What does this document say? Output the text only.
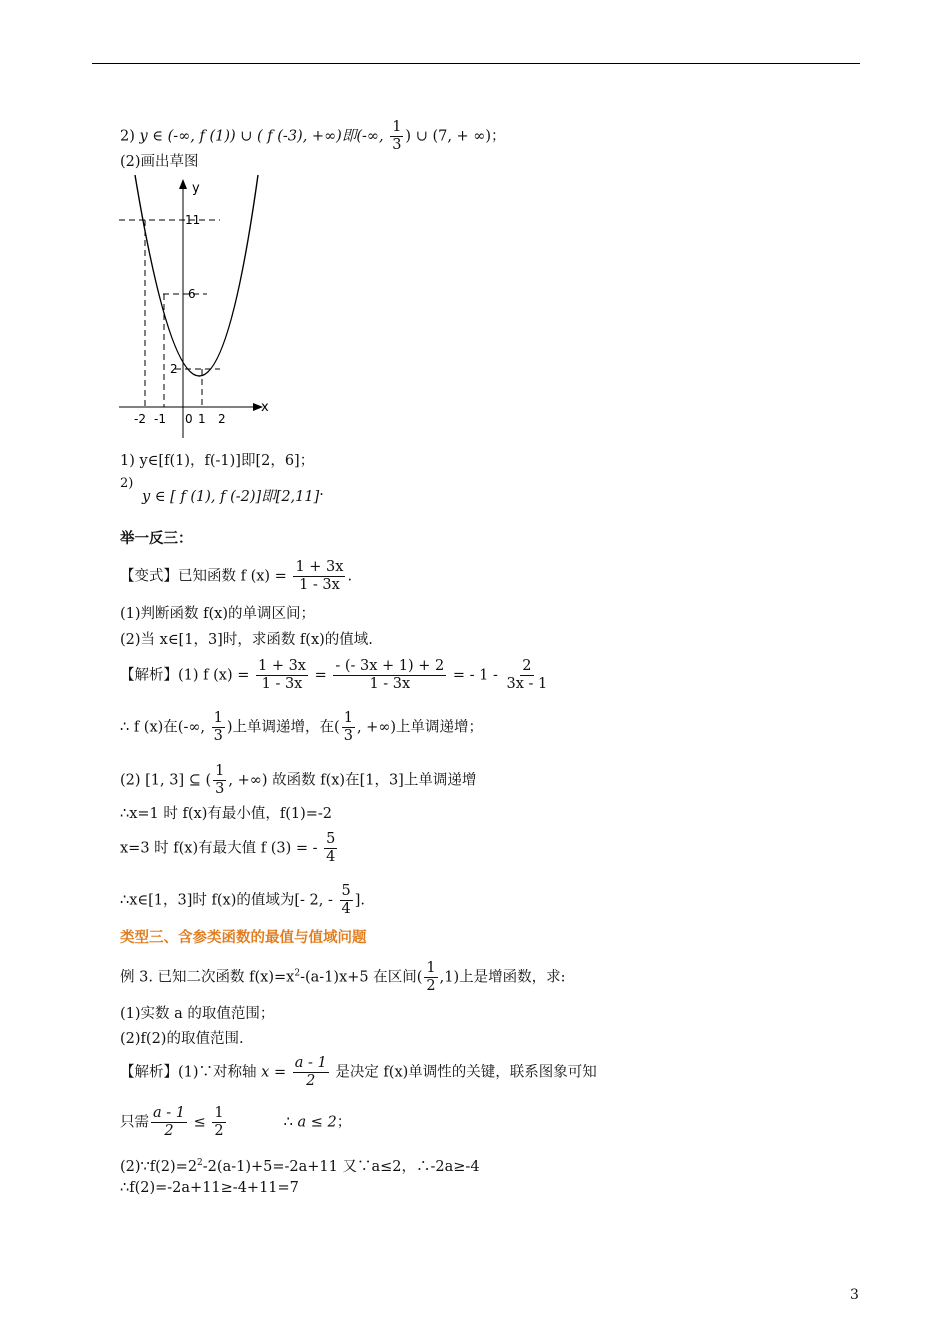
2) y ∈ (-∞, f (1)) ∪ ( f (-3), +∞)即(-∞, $\frac{1}{3}$ ) ∪ (7, + ∞)；
(2)画出草图
y
x
11
6
2
-2 -1 0 1 2
1) y∈[f(1)，f(-1)]即[2，6]；
2) y ∈ [ f (1), f (-2)]即[2,11]·
举一反三：
【变式】已知函数 f $(x) = \frac{1 + 3x}{1 - 3x}$ .
(1)判断函数 f(x)的单调区间；
(2)当 x∈[1，3]时，求函数 f(x)的值域.
【解析】(1) f $(x) = \frac{1 + 3x}{1 - 3x} = \frac{- (- 3x + 1) + 2}{1 - 3x}$ = - $1 - \frac{2}{3x - 1}$
∴ f (x)在(-∞, $\frac{1}{3}$ )上单调递增，在( $\frac{1}{3}$ , +∞)上单调递增；
(2) [1, 3] ⊆ ( $\frac{1}{3}$ , +∞) 故函数 f(x)在[1，3]上单调递增
∴x=1 时 f(x)有最小值，f(1)=-2
x=3 时 f(x)有最大值 f (3) = - $\frac{5}{4}$
∴x∈[1，3]时 f(x)的值域为[- 2, - $\frac{5}{4}$ ].
类型三、含参类函数的最值与值域问题
例 3. 已知二次函数 $f(x)=x^2-(a-1)x+5$ 在区间( $\frac{1}{2} ,1$)上是增函数，求:
(1)实数 a 的取值范围；
(2)f(2)的取值范围.
【解析】(1)∵对称轴 $x = \frac{a - 1}{2}$ 是决定 f(x)单调性的关键，联系图象可知
只需 $\frac{a - 1}{2} \le \frac{1}{2}$	∴ a ≤ 2；
$(2)\because f(2)=2^2-2(a-1)+5=-2a+11$ 又∵a≤2，∴-2a≥-4
∴f(2)=-2a+11≥-4+11=7
3
